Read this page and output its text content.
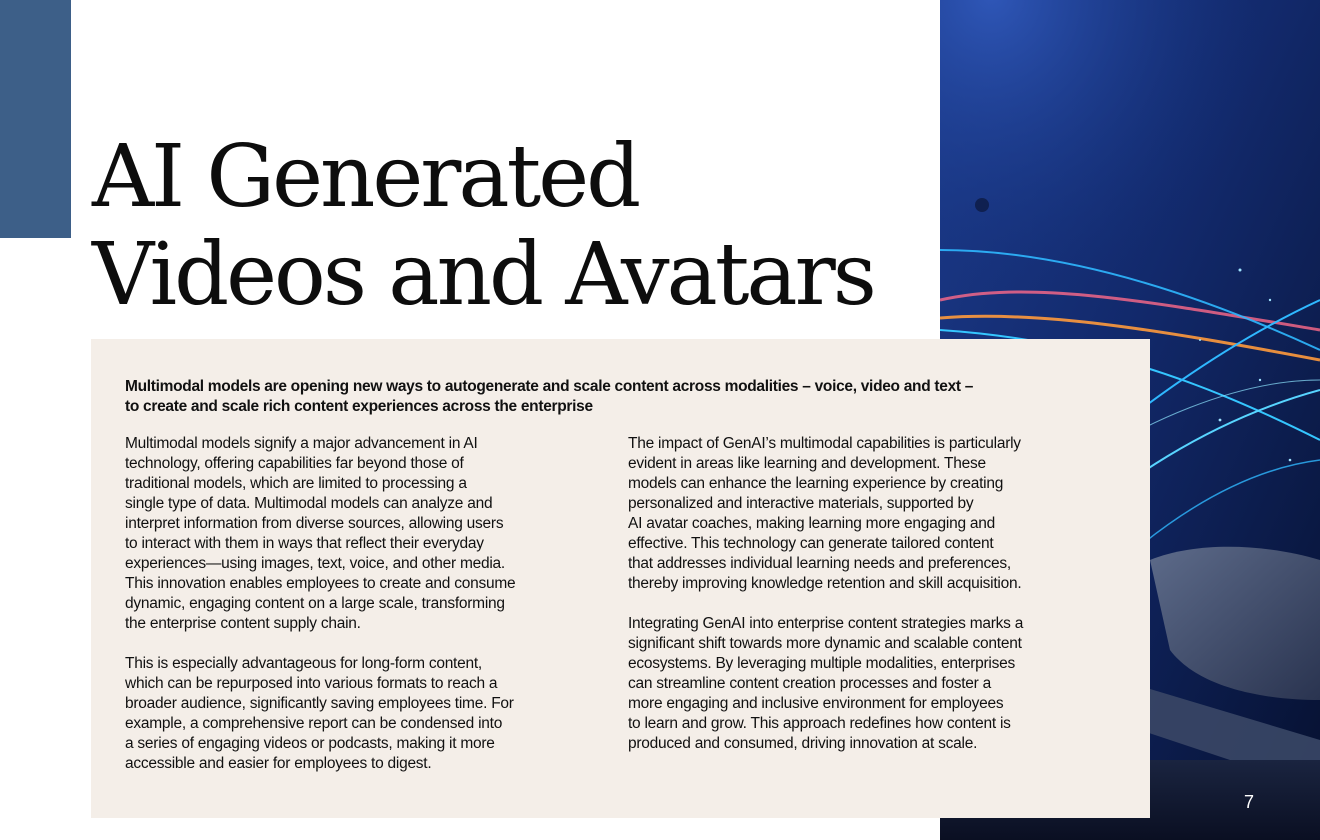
AI Generated
Videos and Avatars

Multimodal models are opening new ways to autogenerate and scale content across modalities – voice, video and text –
to create and scale rich content experiences across the enterprise

Multimodal models signify a major advancement in AI
technology, offering capabilities far beyond those of
traditional models, which are limited to processing a
single type of data. Multimodal models can analyze and
interpret information from diverse sources, allowing users
to interact with them in ways that reflect their everyday
experiences—using images, text, voice, and other media.
This innovation enables employees to create and consume
dynamic, engaging content on a large scale, transforming
the enterprise content supply chain.

This is especially advantageous for long-form content,
which can be repurposed into various formats to reach a
broader audience, significantly saving employees time. For
example, a comprehensive report can be condensed into
a series of engaging videos or podcasts, making it more
accessible and easier for employees to digest.

The impact of GenAI’s multimodal capabilities is particularly
evident in areas like learning and development. These
models can enhance the learning experience by creating
personalized and interactive materials, supported by
AI avatar coaches, making learning more engaging and
effective. This technology can generate tailored content
that addresses individual learning needs and preferences,
thereby improving knowledge retention and skill acquisition.

Integrating GenAI into enterprise content strategies marks a
significant shift towards more dynamic and scalable content
ecosystems. By leveraging multiple modalities, enterprises
can streamline content creation processes and foster a
more engaging and inclusive environment for employees
to learn and grow. This approach redefines how content is
produced and consumed, driving innovation at scale.

7
